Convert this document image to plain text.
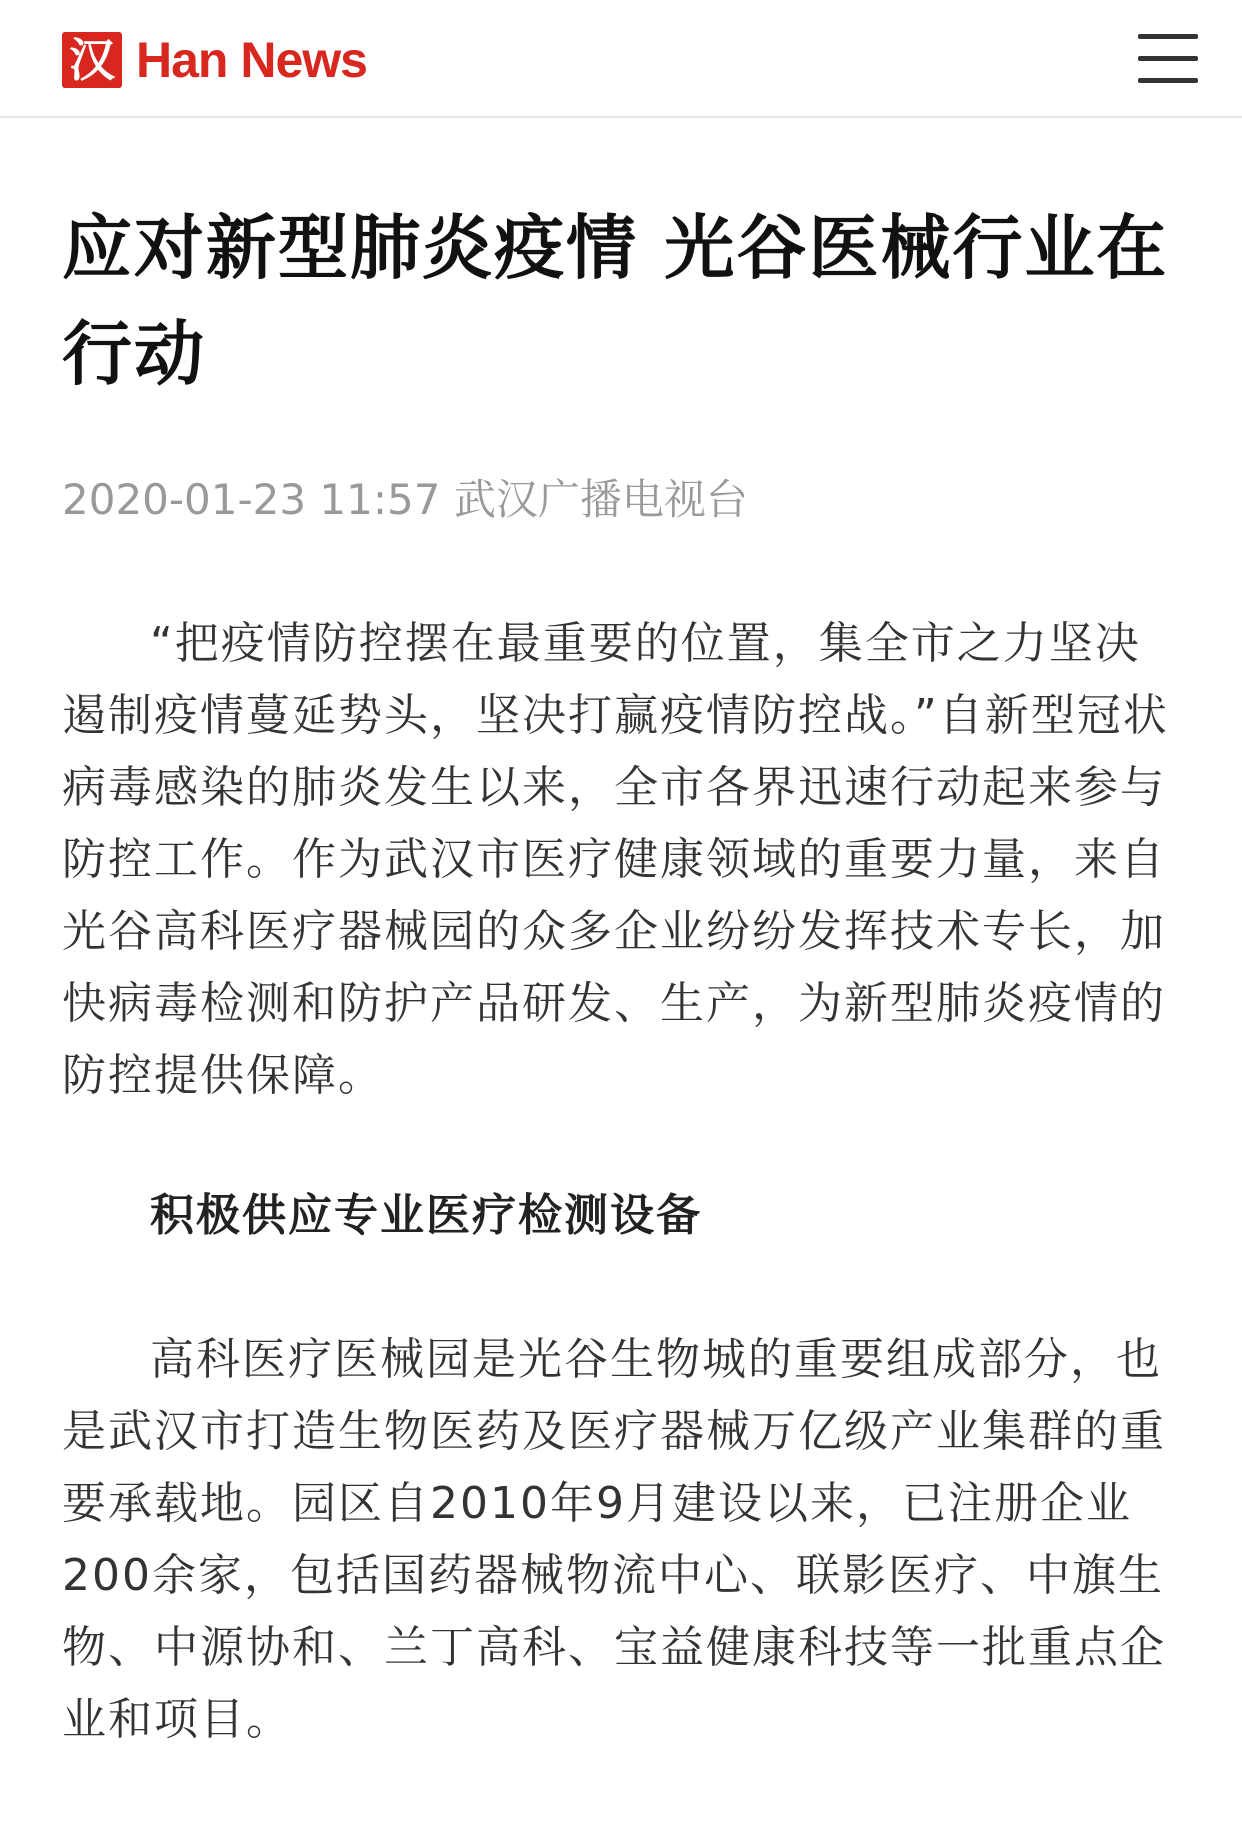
汉 Han News
应对新型肺炎疫情 光谷医械行业在行动
2020-01-23 11:57 武汉广播电视台

“把疫情防控摆在最重要的位置，集全市之力坚决遏制疫情蔓延势头，坚决打赢疫情防控战。”自新型冠状病毒感染的肺炎发生以来，全市各界迅速行动起来参与防控工作。作为武汉市医疗健康领域的重要力量，来自光谷高科医疗器械园的众多企业纷纷发挥技术专长，加快病毒检测和防护产品研发、生产，为新型肺炎疫情的防控提供保障。

积极供应专业医疗检测设备

高科医疗医械园是光谷生物城的重要组成部分，也是武汉市打造生物医药及医疗器械万亿级产业集群的重要承载地。园区自2010年9月建设以来，已注册企业200余家，包括国药器械物流中心、联影医疗、中旗生物、中源协和、兰丁高科、宝益健康科技等一批重点企业和项目。
